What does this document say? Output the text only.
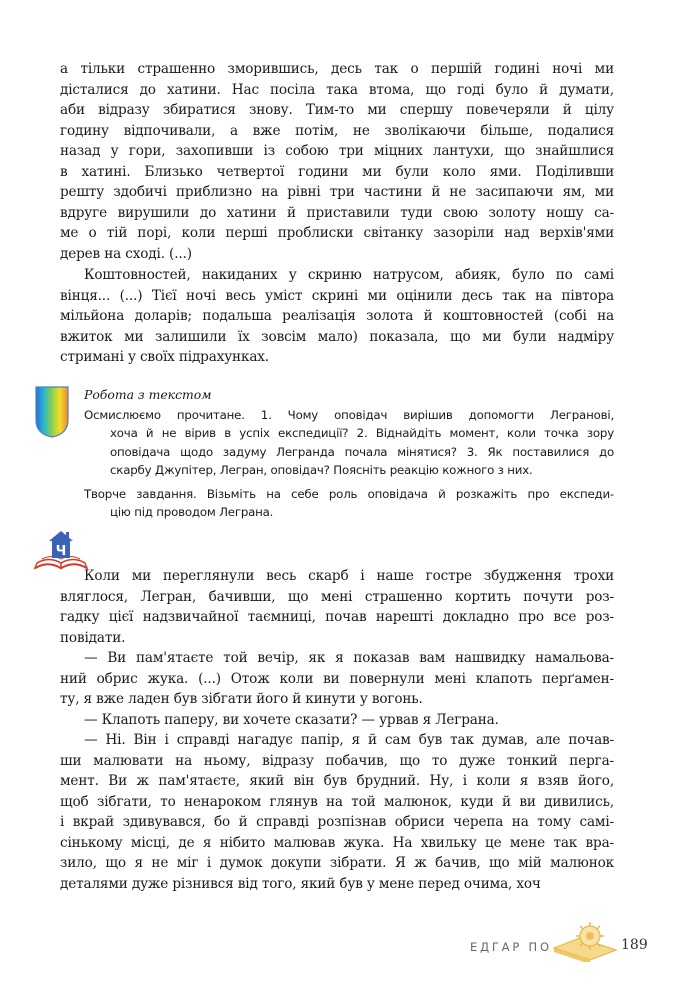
а тільки страшенно зморившись, десь так о першій годині ночі ми
дісталися до хатини. Нас посіла така втома, що годі було й думати,
аби відразу збиратися знову. Тим-то ми спершу повечеряли й цілу
годину відпочивали, а вже потім, не зволікаючи більше, подалися
назад у гори, захопивши із собою три міцних лантухи, що знайшлися
в хатині. Близько четвертої години ми були коло ями. Поділивши
решту здобичі приблизно на рівні три частини й не засипаючи ям, ми
вдруге вирушили до хатини й приставили туди свою золоту ношу са-
ме о тій порі, коли перші проблиски світанку зазоріли над верхів'ями
дерев на сході. (...)
Коштовностей, накиданих у скриню натрусом, абияк, було по самі
вінця... (...) Тієї ночі весь уміст скрині ми оцінили десь так на півтора
мільйона доларів; подальша реалізація золота й коштовностей (собі на
вжиток ми залишили їх зовсім мало) показала, що ми були надміру
стримані у своїх підрахунках.
Робота з текстом
Осмислюємо прочитане. 1. Чому оповідач вирішив допомогти Легранові,
хоча й не вірив в успіх експедиції? 2. Віднайдіть момент, коли точка зору
оповідача щодо задуму Легранда почала мінятися? 3. Як поставилися до
скарбу Джупітер, Легран, оповідач? Поясніть реакцію кожного з них.
Творче завдання. Візьміть на себе роль оповідача й розкажіть про експеди-
цію під проводом Леграна.
Ч
Коли ми переглянули весь скарб і наше гостре збудження трохи
вляглося, Легран, бачивши, що мені страшенно кортить почути роз-
гадку цієї надзвичайної таємниці, почав нарешті докладно про все роз-
повідати.
— Ви пам'ятаєте той вечір, як я показав вам нашвидку намальова-
ний обрис жука. (...) Отож коли ви повернули мені клапоть перґамен-
ту, я вже ладен був зібгати його й кинути у вогонь.
— Клапоть паперу, ви хочете сказати? — урвав я Леграна.
— Ні. Він і справді нагадує папір, я й сам був так думав, але почав-
ши малювати на ньому, відразу побачив, що то дуже тонкий перга-
мент. Ви ж пам'ятаєте, який він був брудний. Ну, і коли я взяв його,
щоб зібгати, то ненароком глянув на той малюнок, куди й ви дивились,
і вкрай здивувався, бо й справді розпізнав обриси черепа на тому самі-
сінькому місці, де я нібито малював жука. На хвильку це мене так вра-
зило, що я не міг і думок докупи зібрати. Я ж бачив, що мій малюнок
деталями дуже різнився від того, який був у мене перед очима, хоч
ЕДГАР ПО	189
